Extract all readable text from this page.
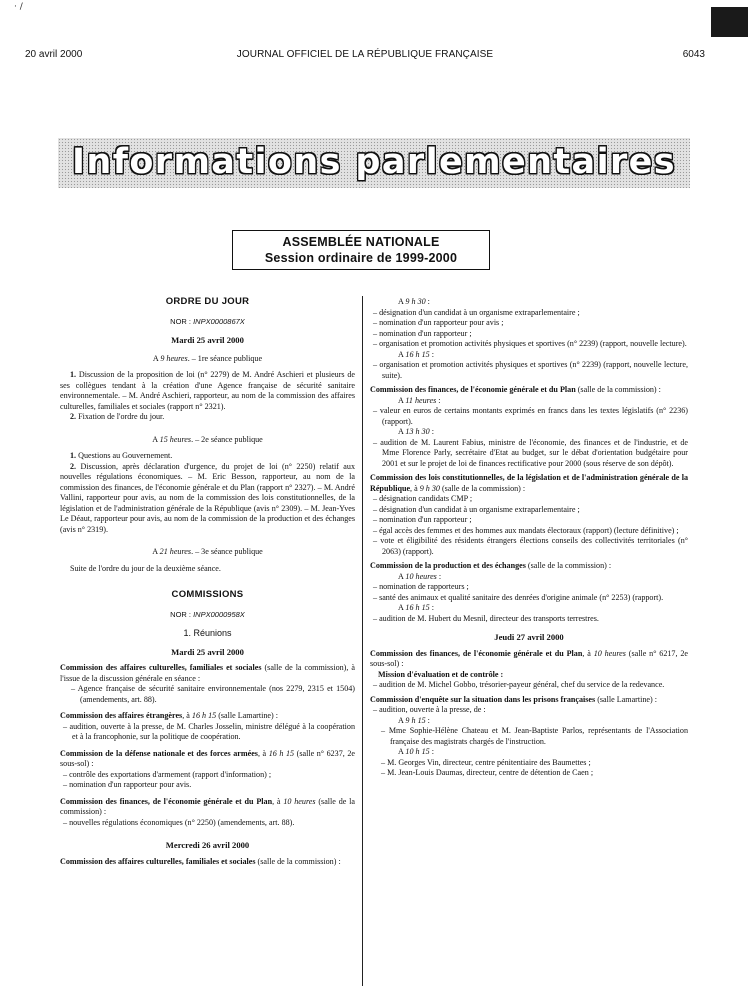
· /
20 avril 2000	JOURNAL OFFICIEL DE LA RÉPUBLIQUE FRANÇAISE	6043
Informations parlementaires
ASSEMBLÉE NATIONALE
Session ordinaire de 1999-2000
ORDRE DU JOUR
NOR : INPX0000867X
Mardi 25 avril 2000
A 9 heures. – 1re séance publique
1. Discussion de la proposition de loi (n° 2279) de M. André Aschieri et plusieurs de ses collègues tendant à la création d'une Agence française de sécurité sanitaire environnementale. – M. André Aschieri, rapporteur, au nom de la commission des affaires culturelles, familiales et sociales (rapport n° 2321).
2. Fixation de l'ordre du jour.
A 15 heures. – 2e séance publique
1. Questions au Gouvernement.
2. Discussion, après déclaration d'urgence, du projet de loi (n° 2250) relatif aux nouvelles régulations économiques. – M. Eric Besson, rapporteur, au nom de la commission des finances, de l'économie générale et du Plan (rapport n° 2327). – M. André Vallini, rapporteur pour avis, au nom de la commission des lois constitutionnelles, de la législation et de l'administration générale de la République (avis n° 2309). – M. Jean-Yves Le Déaut, rapporteur pour avis, au nom de la commission de la production et des échanges (avis n° 2319).
A 21 heures. – 3e séance publique
Suite de l'ordre du jour de la deuxième séance.
COMMISSIONS
NOR : INPX0000958X
1. Réunions
Mardi 25 avril 2000
Commission des affaires culturelles, familiales et sociales (salle de la commission), à l'issue de la discussion générale en séance :
– Agence française de sécurité sanitaire environnementale (nos 2279, 2315 et 1504) (amendements, art. 88).
Commission des affaires étrangères, à 16 h 15 (salle Lamartine) :
– audition, ouverte à la presse, de M. Charles Josselin, ministre délégué à la coopération et à la francophonie, sur la politique de coopération.
Commission de la défense nationale et des forces armées, à 16 h 15 (salle n° 6237, 2e sous-sol) :
– contrôle des exportations d'armement (rapport d'information) ;
– nomination d'un rapporteur pour avis.
Commission des finances, de l'économie générale et du Plan, à 10 heures (salle de la commission) :
– nouvelles régulations économiques (n° 2250) (amendements, art. 88).
Mercredi 26 avril 2000
Commission des affaires culturelles, familiales et sociales (salle de la commission) :
A 9 h 30 :
– désignation d'un candidat à un organisme extraparlementaire ;
– nomination d'un rapporteur pour avis ;
– nomination d'un rapporteur ;
– organisation et promotion activités physiques et sportives (n° 2239) (rapport, nouvelle lecture).
A 16 h 15 :
– organisation et promotion activités physiques et sportives (n° 2239) (rapport, nouvelle lecture, suite).
Commission des finances, de l'économie générale et du Plan (salle de la commission) :
A 11 heures :
– valeur en euros de certains montants exprimés en francs dans les textes législatifs (n° 2236) (rapport).
A 13 h 30 :
– audition de M. Laurent Fabius, ministre de l'économie, des finances et de l'industrie, et de Mme Florence Parly, secrétaire d'Etat au budget, sur le débat d'orientation budgétaire pour 2001 et sur le projet de loi de finances rectificative pour 2000 (sous réserve de son dépôt).
Commission des lois constitutionnelles, de la législation et de l'administration générale de la République, à 9 h 30 (salle de la commission) :
– désignation candidats CMP ;
– désignation d'un candidat à un organisme extraparlementaire ;
– nomination d'un rapporteur ;
– égal accès des femmes et des hommes aux mandats électoraux (rapport) (lecture définitive) ;
– vote et éligibilité des résidents étrangers élections conseils des collectivités territoriales (n° 2063) (rapport).
Commission de la production et des échanges (salle de la commission) :
A 10 heures :
– nomination de rapporteurs ;
– santé des animaux et qualité sanitaire des denrées d'origine animale (n° 2253) (rapport).
A 16 h 15 :
– audition de M. Hubert du Mesnil, directeur des transports terrestres.
Jeudi 27 avril 2000
Commission des finances, de l'économie générale et du Plan, à 10 heures (salle n° 6217, 2e sous-sol) :
Mission d'évaluation et de contrôle :
– audition de M. Michel Gobbo, trésorier-payeur général, chef du service de la redevance.
Commission d'enquête sur la situation dans les prisons françaises (salle Lamartine) :
– audition, ouverte à la presse, de :
A 9 h 15 :
– Mme Sophie-Hélène Chateau et M. Jean-Baptiste Parlos, représentants de l'Association française des magistrats chargés de l'instruction.
A 10 h 15 :
– M. Georges Vin, directeur, centre pénitentiaire des Baumettes ;
– M. Jean-Louis Daumas, directeur, centre de détention de Caen ;
